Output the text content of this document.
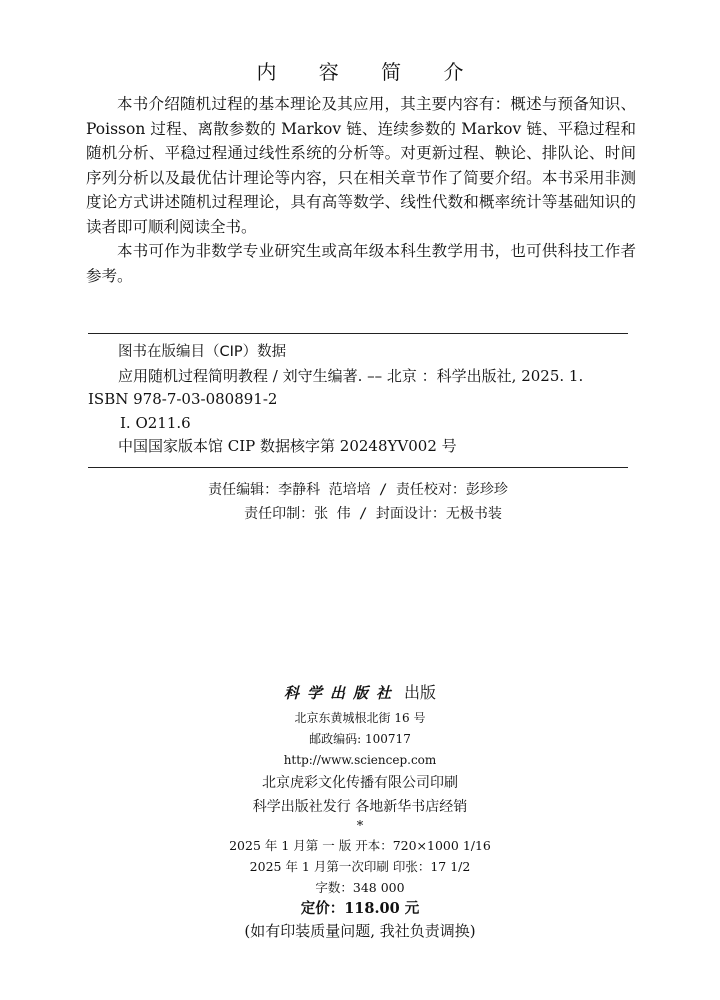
内 容 简 介

本书介绍随机过程的基本理论及其应用，其主要内容有：概述与预备知识、Poisson 过程、离散参数的 Markov 链、连续参数的 Markov 链、平稳过程和随机分析、平稳过程通过线性系统的分析等。对更新过程、鞅论、排队论、时间序列分析以及最优估计理论等内容，只在相关章节作了简要介绍。本书采用非测度论方式讲述随机过程理论，具有高等数学、线性代数和概率统计等基础知识的读者即可顺利阅读全书。

本书可作为非数学专业研究生或高年级本科生教学用书，也可供科技工作者参考。

图书在版编目（CIP）数据
应用随机过程简明教程 / 刘守生编著. –– 北京 ：科学出版社, 2025. 1.
ISBN 978-7-03-080891-2
Ⅰ. O211.6
中国国家版本馆 CIP 数据核字第 20248YV002 号
责任编辑：李静科 范培培 / 责任校对：彭珍珍
责任印制：张 伟 / 封面设计：无极书装
科学出版社 出版
北京东黄城根北街 16 号
邮政编码: 100717
http://www.sciencep.com
北京虎彩文化传播有限公司印刷
科学出版社发行 各地新华书店经销
*
2025 年 1 月第 一 版 开本：720×1000 1/16
2025 年 1 月第一次印刷 印张：17 1/2
字数：348 000
定价：118.00 元
(如有印装质量问题, 我社负责调换)
